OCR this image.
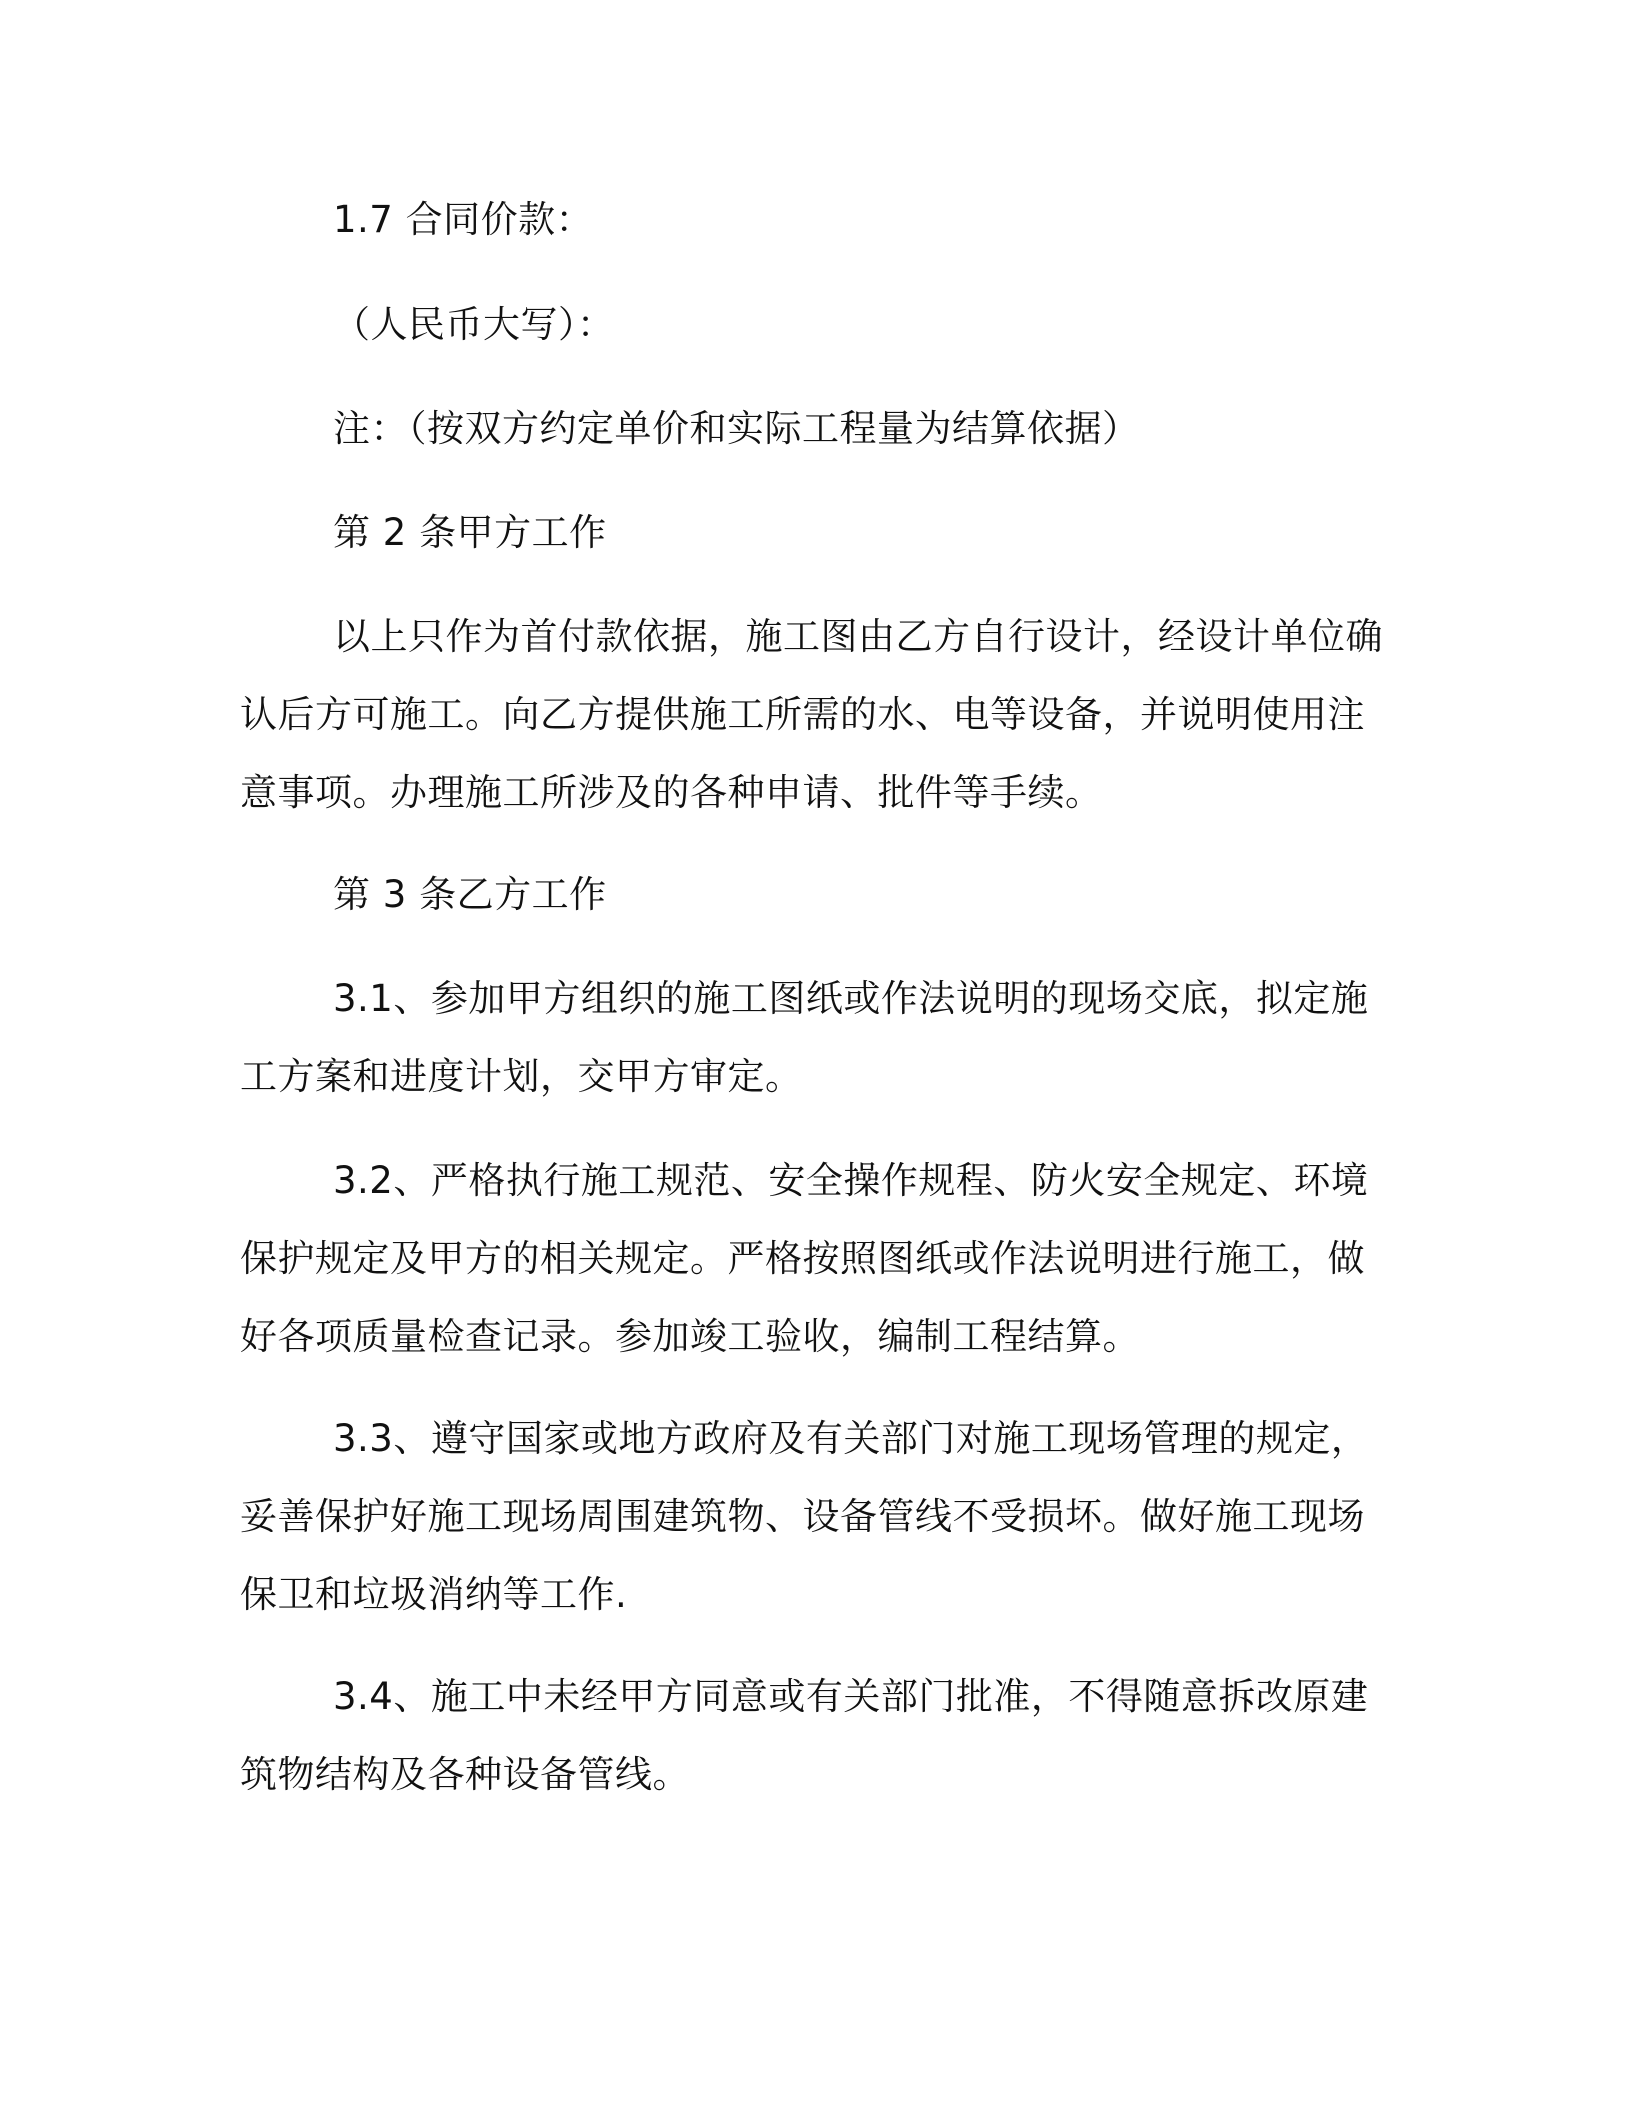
1.7 合同价款：

（人民币大写）：

注：（按双方约定单价和实际工程量为结算依据）

第 2 条甲方工作

以上只作为首付款依据，施工图由乙方自行设计，经设计单位确
认后方可施工。向乙方提供施工所需的水、电等设备，并说明使用注
意事项。办理施工所涉及的各种申请、批件等手续。

第 3 条乙方工作

3.1、参加甲方组织的施工图纸或作法说明的现场交底，拟定施
工方案和进度计划，交甲方审定。

3.2、严格执行施工规范、安全操作规程、防火安全规定、环境
保护规定及甲方的相关规定。严格按照图纸或作法说明进行施工，做
好各项质量检查记录。参加竣工验收，编制工程结算。

3.3、遵守国家或地方政府及有关部门对施工现场管理的规定，
妥善保护好施工现场周围建筑物、设备管线不受损坏。做好施工现场
保卫和垃圾消纳等工作.

3.4、施工中未经甲方同意或有关部门批准，不得随意拆改原建
筑物结构及各种设备管线。
